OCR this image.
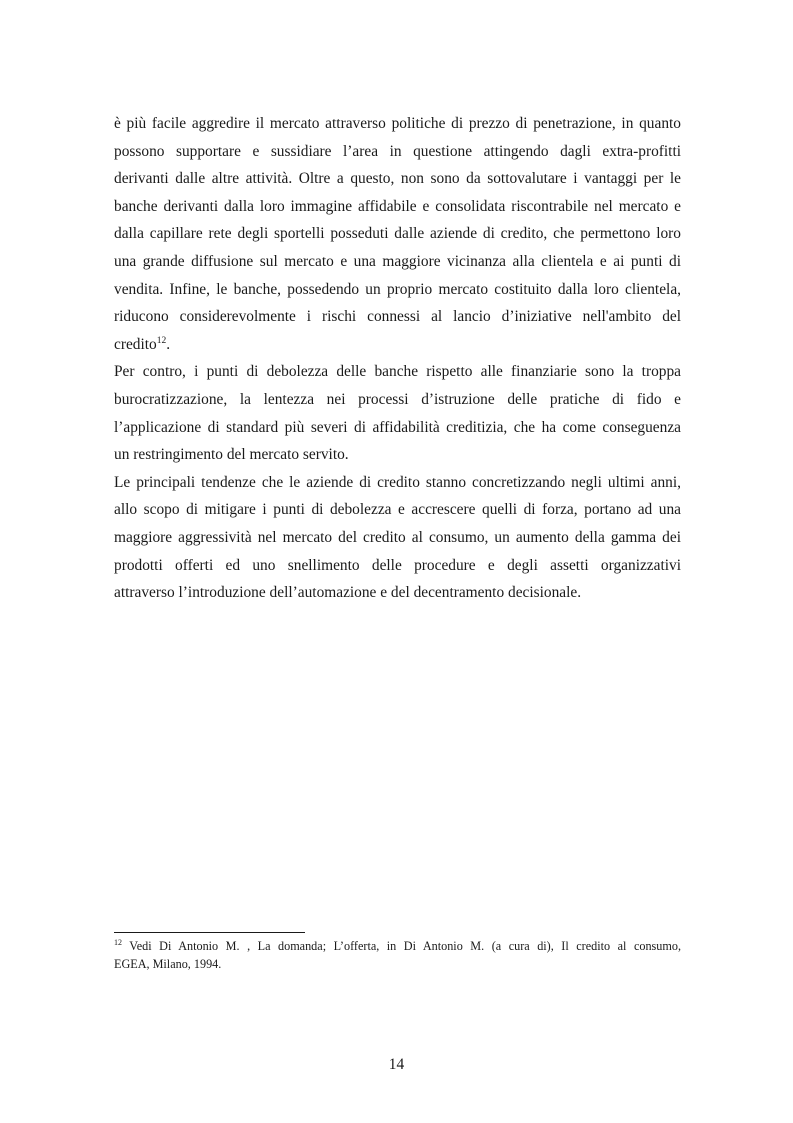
è più facile aggredire il mercato attraverso politiche di prezzo di penetrazione, in quanto
possono supportare e sussidiare l’area in questione attingendo dagli extra-profitti
derivanti dalle altre attività. Oltre a questo, non sono da sottovalutare i vantaggi per le
banche derivanti dalla loro immagine affidabile e consolidata riscontrabile nel mercato e
dalla capillare rete degli sportelli posseduti dalle aziende di credito, che permettono loro
una grande diffusione sul mercato e una maggiore vicinanza alla clientela e ai punti di
vendita. Infine, le banche, possedendo un proprio mercato costituito dalla loro clientela,
riducono considerevolmente i rischi connessi al lancio d’iniziative nell'ambito del
credito$^{12}$.
Per contro, i punti di debolezza delle banche rispetto alle finanziarie sono la troppa
burocratizzazione, la lentezza nei processi d’istruzione delle pratiche di fido e
l’applicazione di standard più severi di affidabilità creditizia, che ha come conseguenza
un restringimento del mercato servito.
Le principali tendenze che le aziende di credito stanno concretizzando negli ultimi anni,
allo scopo di mitigare i punti di debolezza e accrescere quelli di forza, portano ad una
maggiore aggressività nel mercato del credito al consumo, un aumento della gamma dei
prodotti offerti ed uno snellimento delle procedure e degli assetti organizzativi
attraverso l’introduzione dell’automazione e del decentramento decisionale.
$^{12}$ Vedi Di Antonio M. , La domanda; L’offerta, in Di Antonio M. (a cura di), Il credito al consumo,
EGEA, Milano, 1994.
14
